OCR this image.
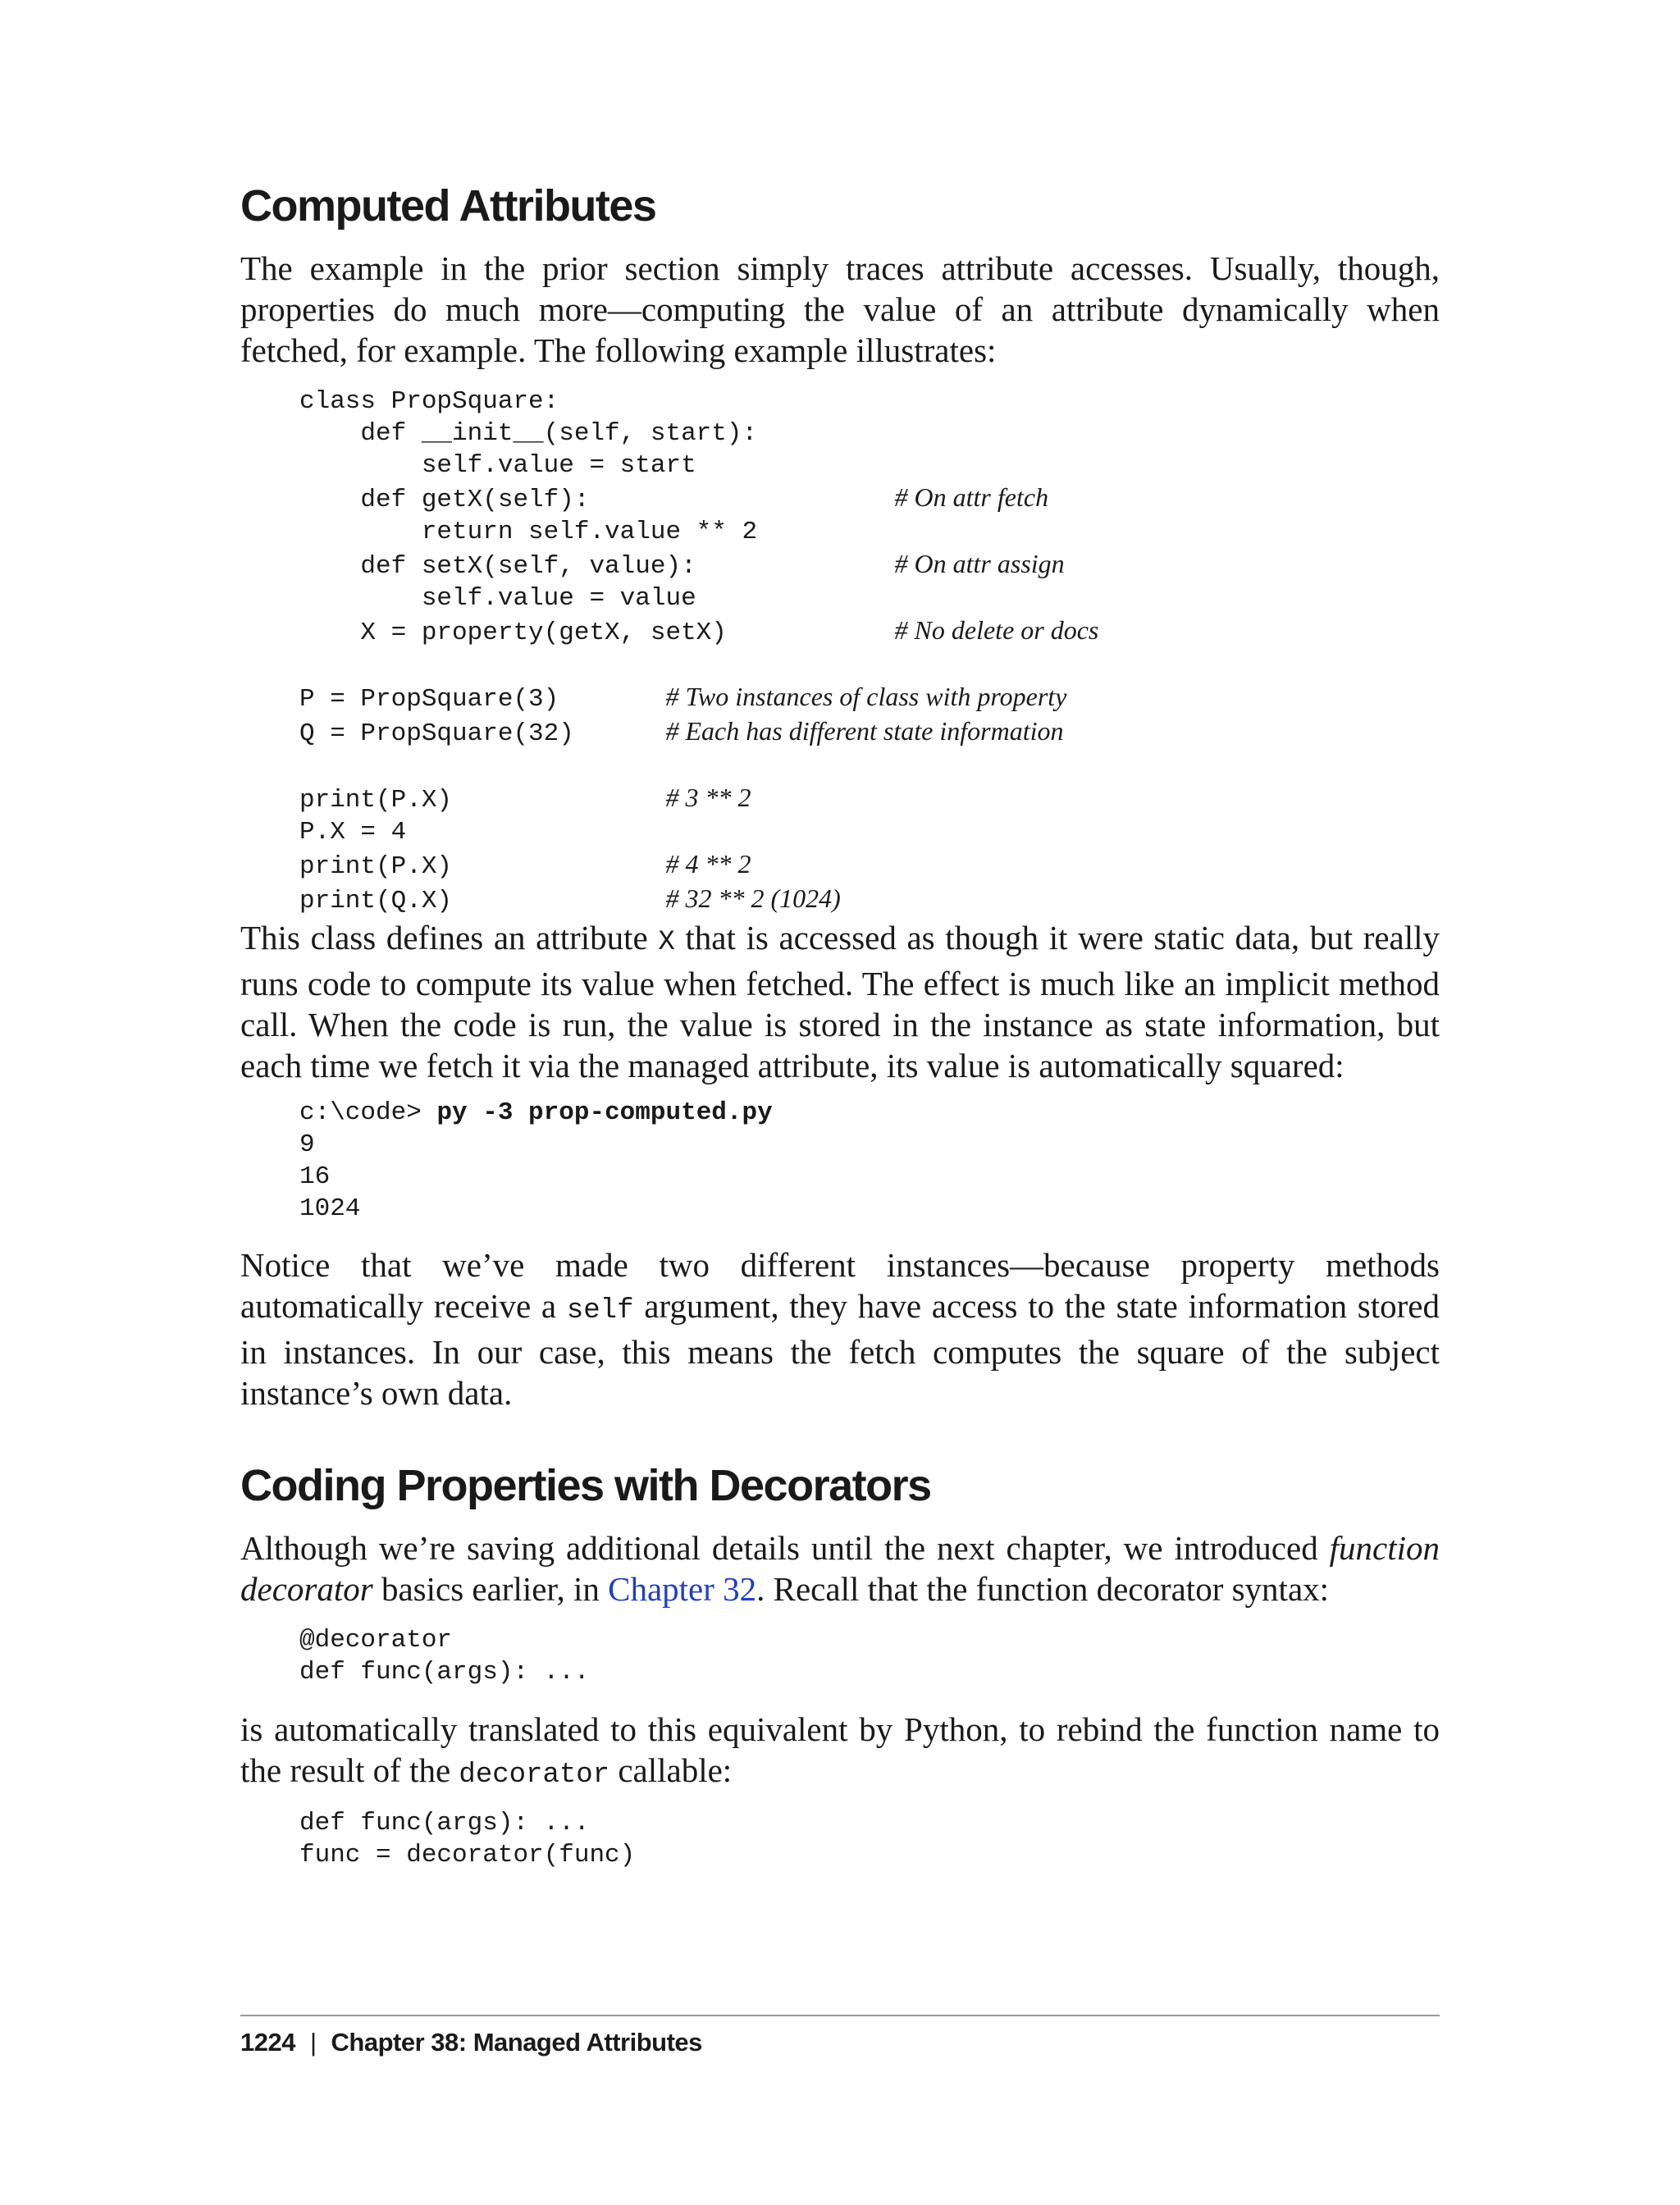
Computed Attributes

The example in the prior section simply traces attribute accesses. Usually, though, properties do much more—computing the value of an attribute dynamically when fetched, for example. The following example illustrates:

class PropSquare:
def __init__(self, start):
self.value = start
def getX(self):	# On attr fetch
return self.value ** 2
def setX(self, value):	# On attr assign
self.value = value
X = property(getX, setX)	# No delete or docs

P = PropSquare(3)	# Two instances of class with property
Q = PropSquare(32)	# Each has different state information

print(P.X)	# 3 ** 2
P.X = 4
print(P.X)	# 4 ** 2
print(Q.X)	# 32 ** 2 (1024)

This class defines an attribute X that is accessed as though it were static data, but really runs code to compute its value when fetched. The effect is much like an implicit method call. When the code is run, the value is stored in the instance as state information, but each time we fetch it via the managed attribute, its value is automatically squared:

c:\code> py -3 prop-computed.py
9
16
1024

Notice that we’ve made two different instances—because property methods automatically receive a self argument, they have access to the state information stored in instances. In our case, this means the fetch computes the square of the subject instance’s own data.

Coding Properties with Decorators

Although we’re saving additional details until the next chapter, we introduced function decorator basics earlier, in Chapter 32. Recall that the function decorator syntax:

@decorator
def func(args): ...

is automatically translated to this equivalent by Python, to rebind the function name to the result of the decorator callable:

def func(args): ...
func = decorator(func)
1224 | Chapter 38: Managed Attributes
